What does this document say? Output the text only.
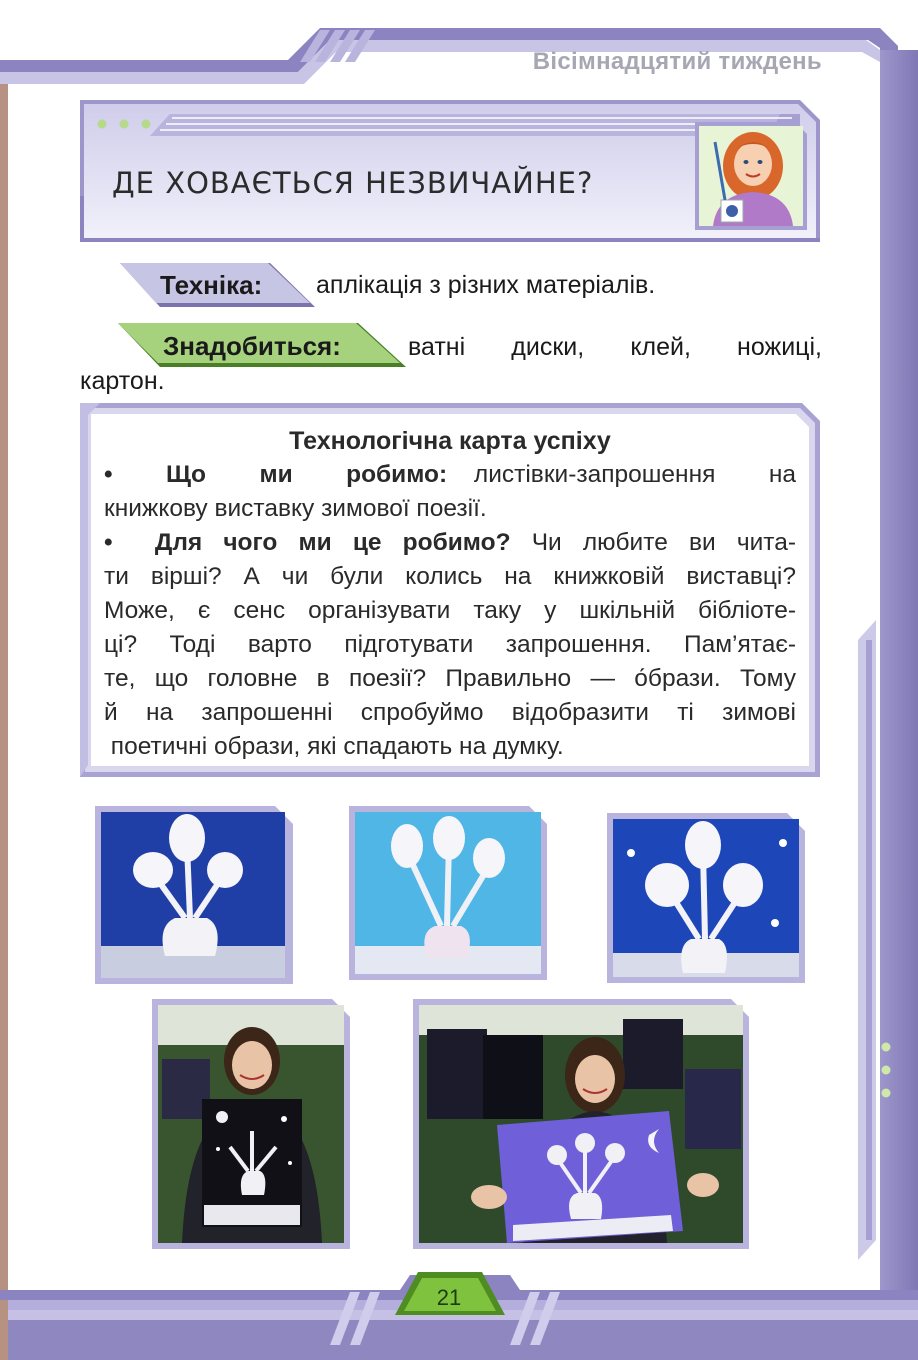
Вісімнадцятий тиждень
ДЕ ХОВАЄТЬСЯ НЕЗВИЧАЙНЕ?
Техніка: аплікація з різних матеріалів.
Знадобиться:	ватні   диски,   клей,   ножиці,
картон.
Технологічна карта успіху
•  Що  ми  робимо: листівки-запрошення  на
книжкову виставку зимової поезії.
•  Для чого ми це робимо? Чи любите ви чита-
ти вірші? А чи були колись на книжковій виставці?
Може, є сенс організувати таку у шкільній бібліоте-
ці? Тоді варто підготувати запрошення. Пам’ятає-
те, що головне в поезії? Правильно — о́брази. Тому
й на запрошенні спробуймо відобразити ті зимові
поетичні образи, які спадають на думку.
21
